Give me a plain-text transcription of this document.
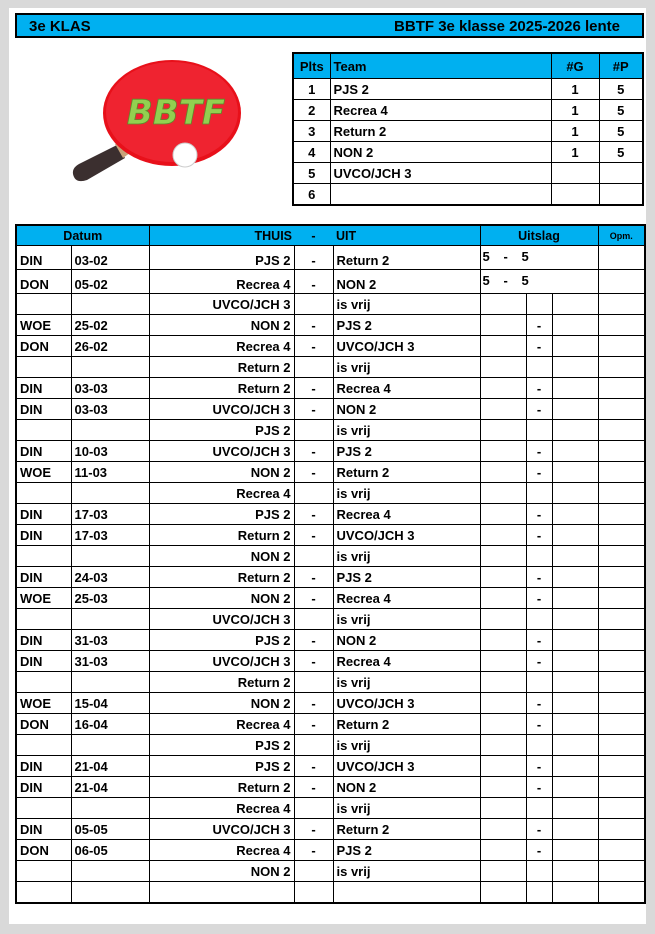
3e KLAS	BBTF 3e klasse 2025-2026 lente
BBTF
Plts	Team	#G	#P
1	PJS 2	1	5
2	Recrea 4	1	5
3	Return 2	1	5
4	NON 2	1	5
5	UVCO/JCH 3		
6			
Datum		THUIS	-	UIT	Uitslag			Opm.
DIN	03-02	PJS 2	-	Return 2	5 - 5			

DON	05-02	Recrea 4	-	NON 2	5 - 5			

		UVCO/JCH 3		is vrij				
WOE	25-02	NON 2	-	PJS 2		-		
DON	26-02	Recrea 4	-	UVCO/JCH 3		-		
		Return 2		is vrij				
DIN	03-03	Return 2	-	Recrea 4		-		
DIN	03-03	UVCO/JCH 3	-	NON 2		-		
		PJS 2		is vrij				
DIN	10-03	UVCO/JCH 3	-	PJS 2		-		
WOE	11-03	NON 2	-	Return 2		-		
		Recrea 4		is vrij				
DIN	17-03	PJS 2	-	Recrea 4		-		
DIN	17-03	Return 2	-	UVCO/JCH 3		-		
		NON 2		is vrij				
DIN	24-03	Return 2	-	PJS 2		-		
WOE	25-03	NON 2	-	Recrea 4		-		
		UVCO/JCH 3		is vrij				
DIN	31-03	PJS 2	-	NON 2		-		
DIN	31-03	UVCO/JCH 3	-	Recrea 4		-		
		Return 2		is vrij				
WOE	15-04	NON 2	-	UVCO/JCH 3		-		
DON	16-04	Recrea 4	-	Return 2		-		
		PJS 2		is vrij				
DIN	21-04	PJS 2	-	UVCO/JCH 3		-		
DIN	21-04	Return 2	-	NON 2		-		
		Recrea 4		is vrij				
DIN	05-05	UVCO/JCH 3	-	Return 2		-		
DON	06-05	Recrea 4	-	PJS 2		-		
		NON 2		is vrij				
